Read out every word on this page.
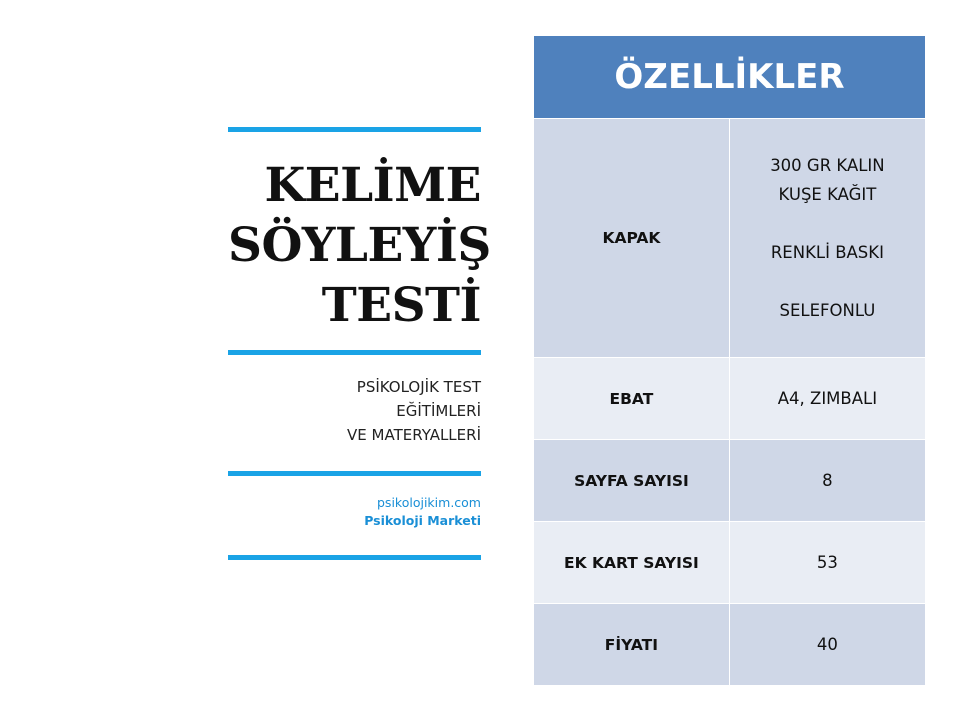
KELİME

SÖYLEYİŞ

TESTİ

PSİKOLOJİK TEST
EĞİTİMLERİ
VE MATERYALLERİ
psikolojikim.com
Psikoloji Marketi
ÖZELLİKLER	
KAPAK	300 GR KALIN
KUŞE KAĞIT
RENKLİ BASKI
SELEFONLU

EBAT	A4, ZIMBALI
SAYFA SAYISI	8
EK KART SAYISI	53
FİYATI	40
